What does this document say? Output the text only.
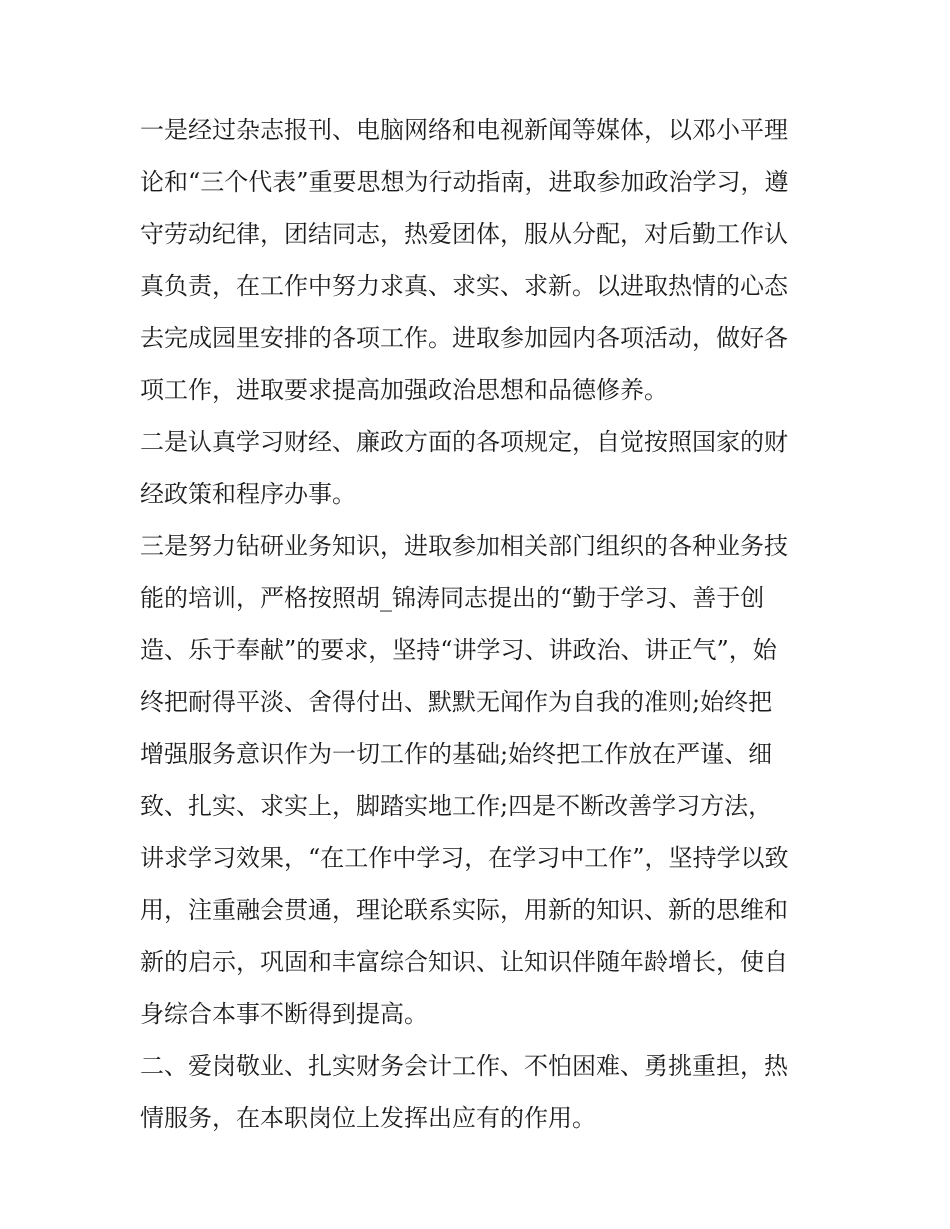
一是经过杂志报刊、电脑网络和电视新闻等媒体，以邓小平理
论和“三个代表”重要思想为行动指南，进取参加政治学习，遵
守劳动纪律，团结同志，热爱团体，服从分配，对后勤工作认
真负责，在工作中努力求真、求实、求新。以进取热情的心态
去完成园里安排的各项工作。进取参加园内各项活动，做好各
项工作，进取要求提高加强政治思想和品德修养。
二是认真学习财经、廉政方面的各项规定，自觉按照国家的财
经政策和程序办事。
三是努力钻研业务知识，进取参加相关部门组织的各种业务技
能的培训，严格按照胡_锦涛同志提出的“勤于学习、善于创
造、乐于奉献”的要求，坚持“讲学习、讲政治、讲正气”，始
终把耐得平淡、舍得付出、默默无闻作为自我的准则;始终把
增强服务意识作为一切工作的基础;始终把工作放在严谨、细
致、扎实、求实上，脚踏实地工作;四是不断改善学习方法，
讲求学习效果，“在工作中学习，在学习中工作”，坚持学以致
用，注重融会贯通，理论联系实际，用新的知识、新的思维和
新的启示，巩固和丰富综合知识、让知识伴随年龄增长，使自
身综合本事不断得到提高。
二、爱岗敬业、扎实财务会计工作、不怕困难、勇挑重担，热
情服务，在本职岗位上发挥出应有的作用。
